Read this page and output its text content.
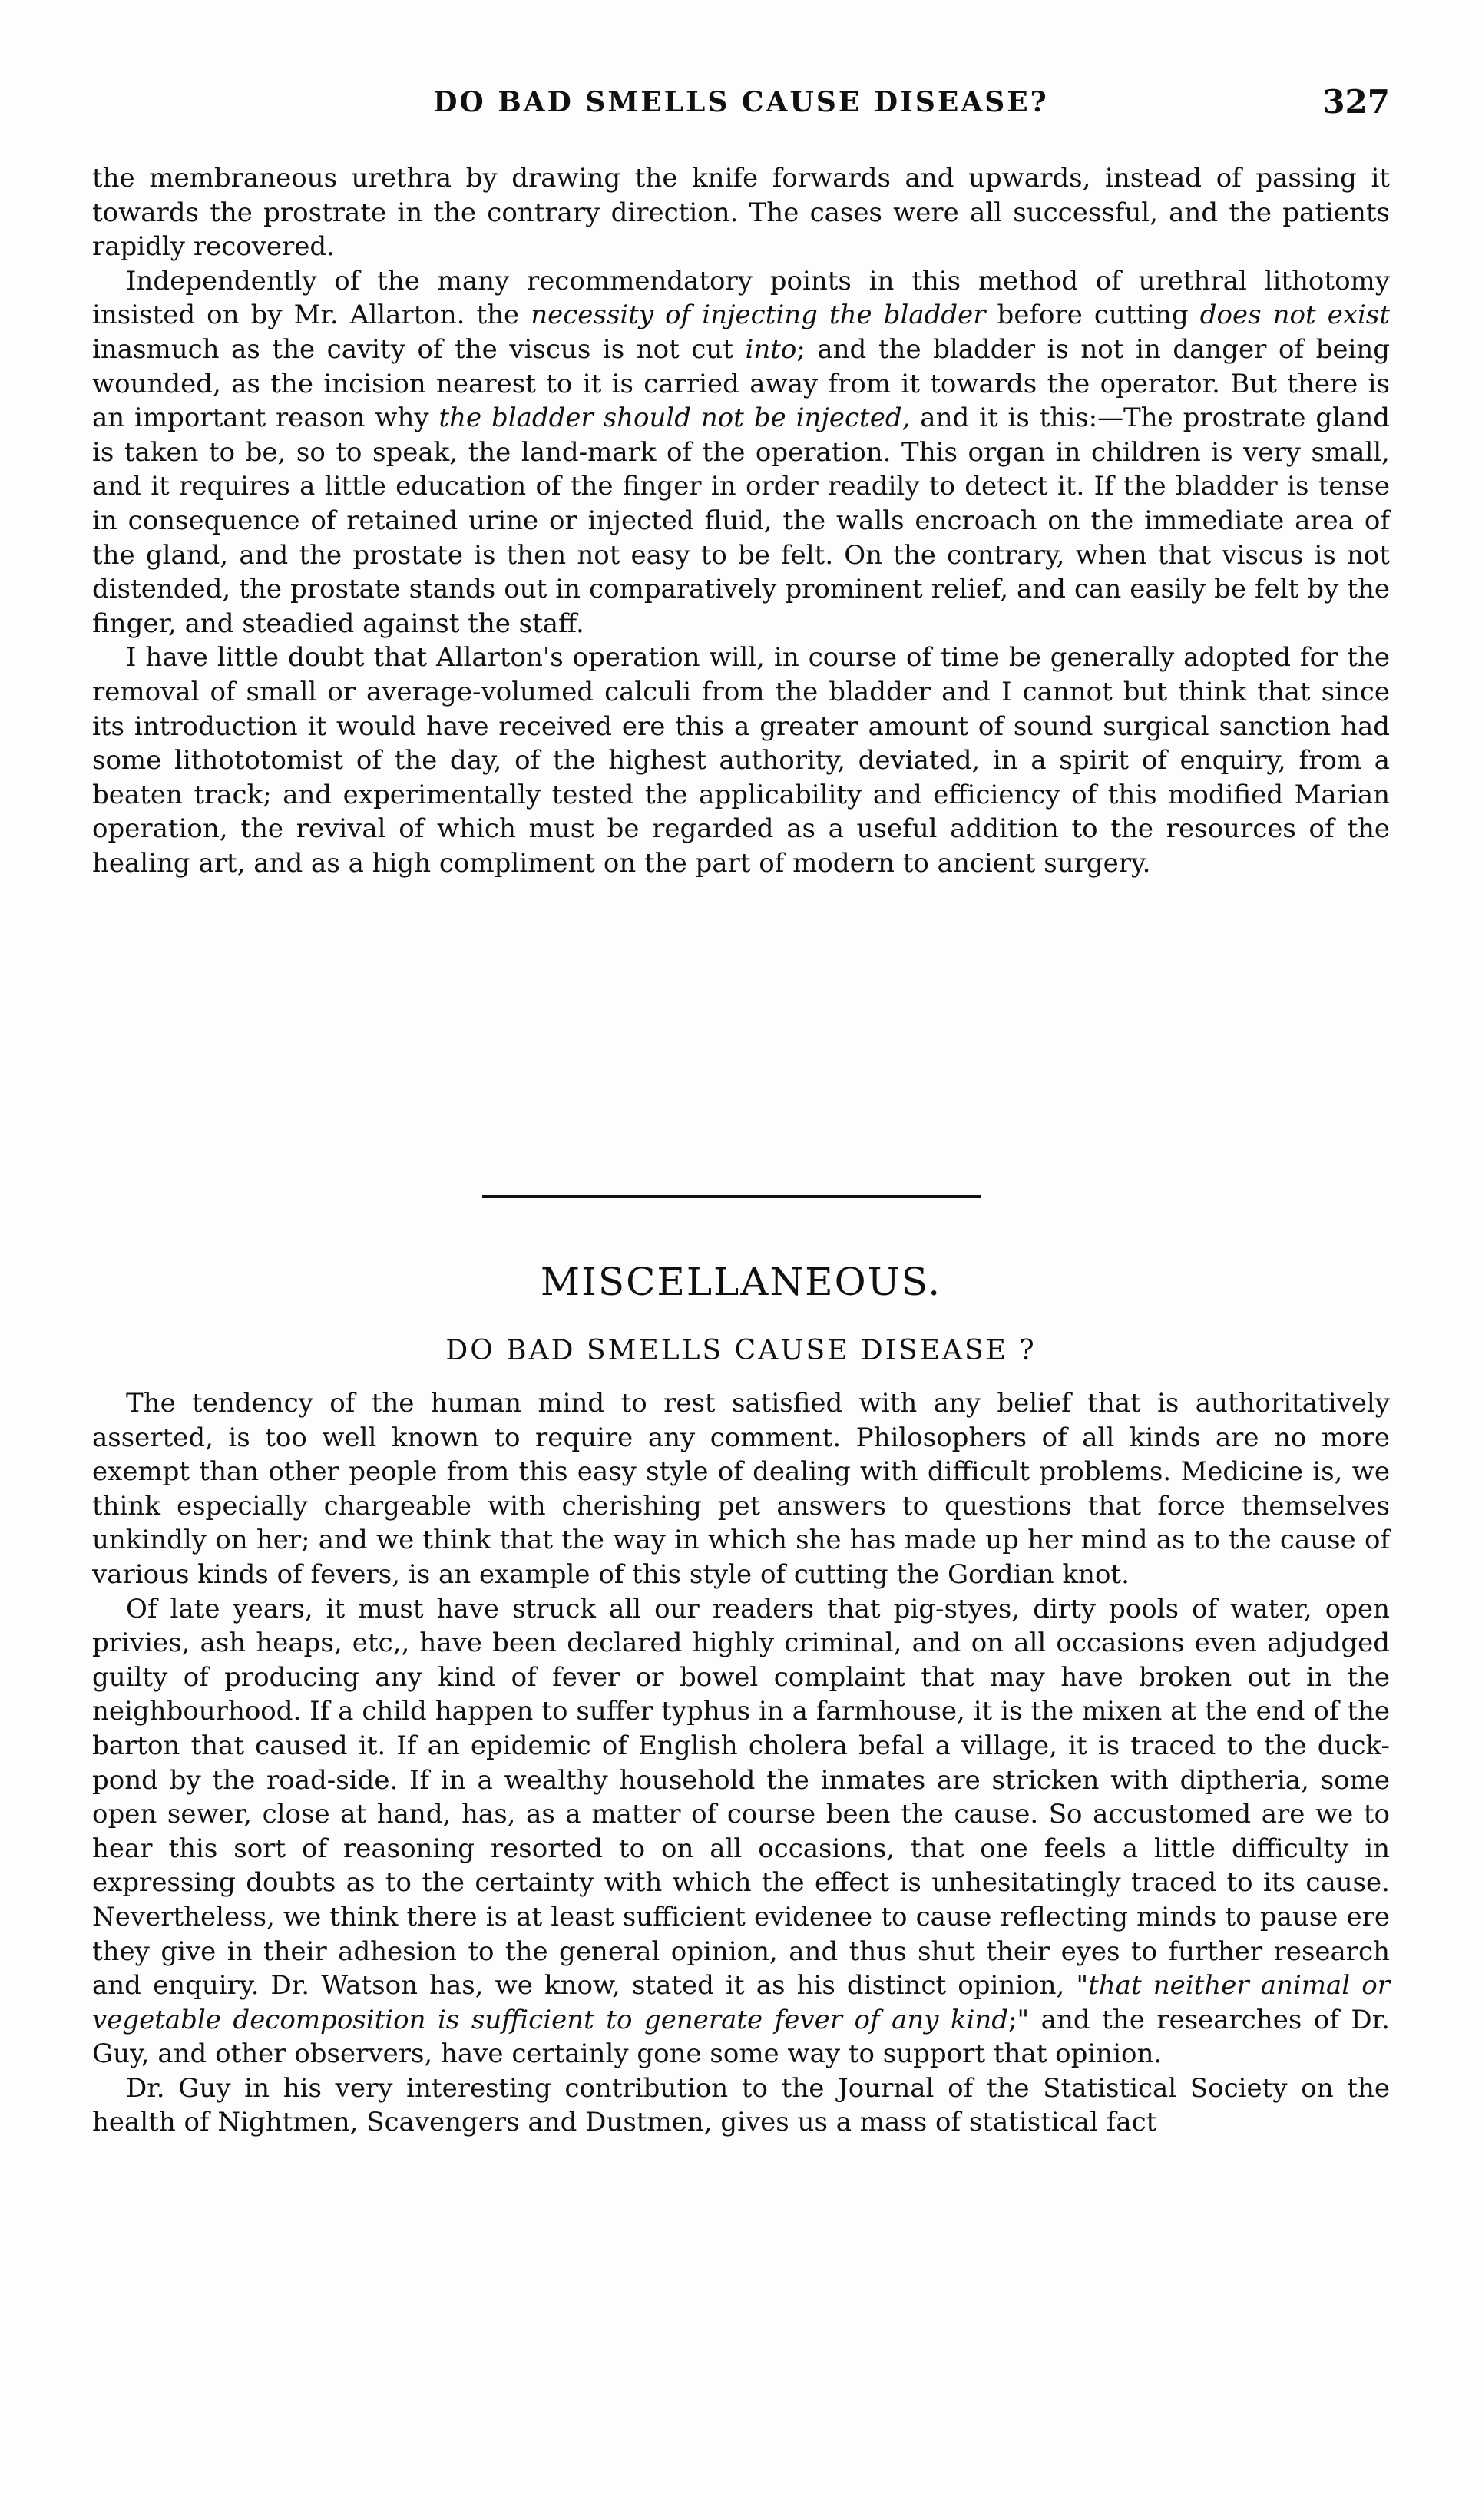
DO BAD SMELLS CAUSE DISEASE?	327

the membraneous urethra by drawing the knife forwards and upwards, instead of passing it towards the prostrate in the contrary direction. The cases were all successful, and the patients rapidly recovered.

Independently of the many recommendatory points in this method of urethral lithotomy insisted on by Mr. Allarton. the necessity of injecting the bladder before cutting does not exist inasmuch as the cavity of the viscus is not cut into; and the bladder is not in danger of being wounded, as the incision nearest to it is carried away from it towards the operator. But there is an important reason why the bladder should not be injected, and it is this:—The prostrate gland is taken to be, so to speak, the land-mark of the operation. This organ in children is very small, and it requires a little education of the finger in order readily to detect it. If the bladder is tense in consequence of retained urine or injected fluid, the walls encroach on the immediate area of the gland, and the prostate is then not easy to be felt. On the contrary, when that viscus is not distended, the prostate stands out in comparatively prominent relief, and can easily be felt by the finger, and steadied against the staff.

I have little doubt that Allarton's operation will, in course of time be generally adopted for the removal of small or average-volumed calculi from the bladder and I cannot but think that since its introduction it would have received ere this a greater amount of sound surgical sanction had some lithototomist of the day, of the highest authority, deviated, in a spirit of enquiry, from a beaten track; and experimentally tested the applicability and efficiency of this modified Marian operation, the revival of which must be regarded as a useful addition to the resources of the healing art, and as a high compliment on the part of modern to ancient surgery.

MISCELLANEOUS.
DO BAD SMELLS CAUSE DISEASE ?

The tendency of the human mind to rest satisfied with any belief that is authoritatively asserted, is too well known to require any comment. Philosophers of all kinds are no more exempt than other people from this easy style of dealing with difficult problems. Medicine is, we think especially chargeable with cherishing pet answers to questions that force themselves unkindly on her; and we think that the way in which she has made up her mind as to the cause of various kinds of fevers, is an example of this style of cutting the Gordian knot.

Of late years, it must have struck all our readers that pig-styes, dirty pools of water, open privies, ash heaps, etc,, have been declared highly criminal, and on all occasions even adjudged guilty of producing any kind of fever or bowel complaint that may have broken out in the neighbourhood. If a child happen to suffer typhus in a farmhouse, it is the mixen at the end of the barton that caused it. If an epidemic of English cholera befal a village, it is traced to the duck-pond by the road-side. If in a wealthy household the inmates are stricken with diptheria, some open sewer, close at hand, has, as a matter of course been the cause. So accustomed are we to hear this sort of reasoning resorted to on all occasions, that one feels a little difficulty in expressing doubts as to the certainty with which the effect is unhesitatingly traced to its cause. Nevertheless, we think there is at least sufficient evidenee to cause reflecting minds to pause ere they give in their adhesion to the general opinion, and thus shut their eyes to further research and enquiry. Dr. Watson has, we know, stated it as his distinct opinion, "that neither animal or vegetable decomposition is sufficient to generate fever of any kind;" and the researches of Dr. Guy, and other observers, have certainly gone some way to support that opinion.

Dr. Guy in his very interesting contribution to the Journal of the Statistical Society on the health of Nightmen, Scavengers and Dustmen, gives us a mass of statistical fact
